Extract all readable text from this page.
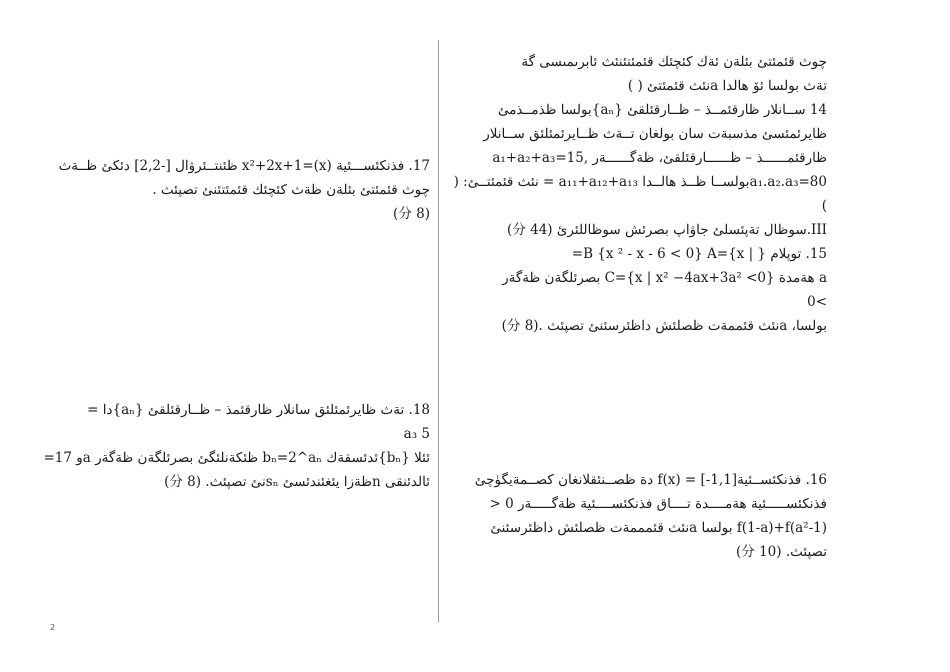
چوث قئمئتئ بئلةن ئةك كئچئك قئمئتئنئث ئابرىمىسى گة
تةث بولسا ئۆ هالدا aنئث قئمئتئ ( )
14 ســانلار ظارقئمــذ – ظــارقئلقئ {aₙ}بولسا ظذمــذمئ
ظايرئمئسئ مذسبةت سان بولغان تــةث ظــايرئمئلئق ســانلار
ظارقئمــــــذ – ظــــــارقئلقئ، ظةگــــــةر ,a₁+a₂+a₃=15
a₁.a₂.a₃=80بولســا ظــذ هالــدا a₁₁+a₁₂+a₁₃ = نئث قئمئتــئ: (
)
III.سوظال تةپئسلئ جاۋاپ بصرئش سوظاللئرئ (44 分)
15. توپلام B {x ² - x - 6 < 0} A={x | }=
a ھةمدة C={x | x² −4ax+3a² <0} بصرئلگةن ظةگةر
>0
بولسا، aنئث قئممةت ظصلئش داظئرسئنئ تصپئث .(8 分)
17. فذنكئســـئية (x)=x²+2x+1 ظئنتــئرۋال [-2,2] دئكئ ظــةث
چوث قئمئتئ بئلةن ظةث كئچئك قئمئتئنئ تصپئث .
(8 分)
18. تةث ظايرئمئلئق سانلار ظارقئمذ – ظــارقئلقئ {aₙ}دا =
5 a₃
ئئلا {bₙ}ئدئسقةك bₙ=2^aₙ ظئكةنلئگئ بصرئلگةن ظةگةر aو 17=
ئالدئنقى nظةزا يئغئندئسئ sₙنئ تصپئث. (8 分)	16. فذنكئســئيةf(x) = [-1,1] دة ظصــنئقلانغان كصــمةيگۈچئ
فذنكئســـــئية هةمــــدة تــــاق فذنكئســــئية ظةگـــــةر 0 <
f(1-a)+f(a²-1) بولسا aنئث قئمممةت ظصلئش داظئرسئنئ
تصپئث. (10 分)
2
